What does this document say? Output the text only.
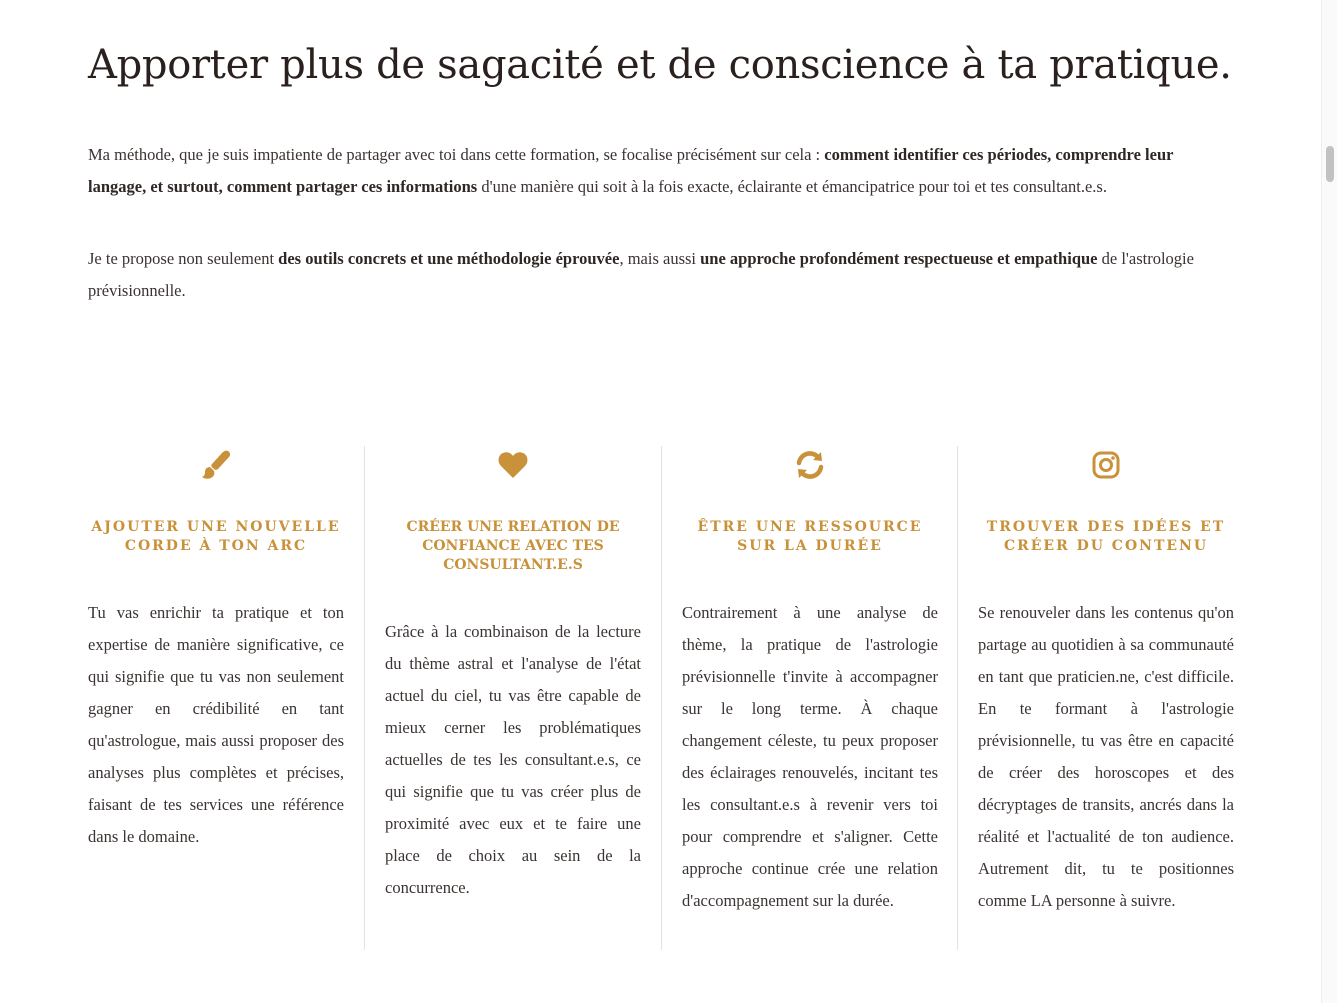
Apporter plus de sagacité et de conscience à ta pratique.

Ma méthode, que je suis impatiente de partager avec toi dans cette formation, se focalise précisément sur cela : comment identifier ces périodes, comprendre leur langage, et surtout, comment partager ces informations d'une manière qui soit à la fois exacte, éclairante et émancipatrice pour toi et tes consultant.e.s.

Je te propose non seulement des outils concrets et une méthodologie éprouvée, mais aussi une approche profondément respectueuse et empathique de l'astrologie prévisionnelle.

AJOUTER UNE NOUVELLE CORDE À TON ARC

Tu vas enrichir ta pratique et ton expertise de manière significative, ce qui signifie que tu vas non seulement gagner en crédibilité en tant qu'astrologue, mais aussi proposer des analyses plus complètes et précises, faisant de tes services une référence dans le domaine.

CRÉER UNE RELATION DE CONFIANCE AVEC TES CONSULTANT.E.S

Grâce à la combinaison de la lecture du thème astral et l'analyse de l'état actuel du ciel, tu vas être capable de mieux cerner les problématiques actuelles de tes les consultant.e.s, ce qui signifie que tu vas créer plus de proximité avec eux et te faire une place de choix au sein de la concurrence.

ÊTRE UNE RESSOURCE SUR LA DURÉE

Contrairement à une analyse de thème, la pratique de l'astrologie prévisionnelle t'invite à accompagner sur le long terme. À chaque changement céleste, tu peux proposer des éclairages renouvelés, incitant tes les consultant.e.s à revenir vers toi pour comprendre et s'aligner. Cette approche continue crée une relation d'accompagnement sur la durée.

TROUVER DES IDÉES ET CRÉER DU CONTENU

Se renouveler dans les contenus qu'on partage au quotidien à sa communauté en tant que praticien.ne, c'est difficile. En te formant à l'astrologie prévisionnelle, tu vas être en capacité de créer des horoscopes et des décryptages de transits, ancrés dans la réalité et l'actualité de ton audience. Autrement dit, tu te positionnes comme LA personne à suivre.
